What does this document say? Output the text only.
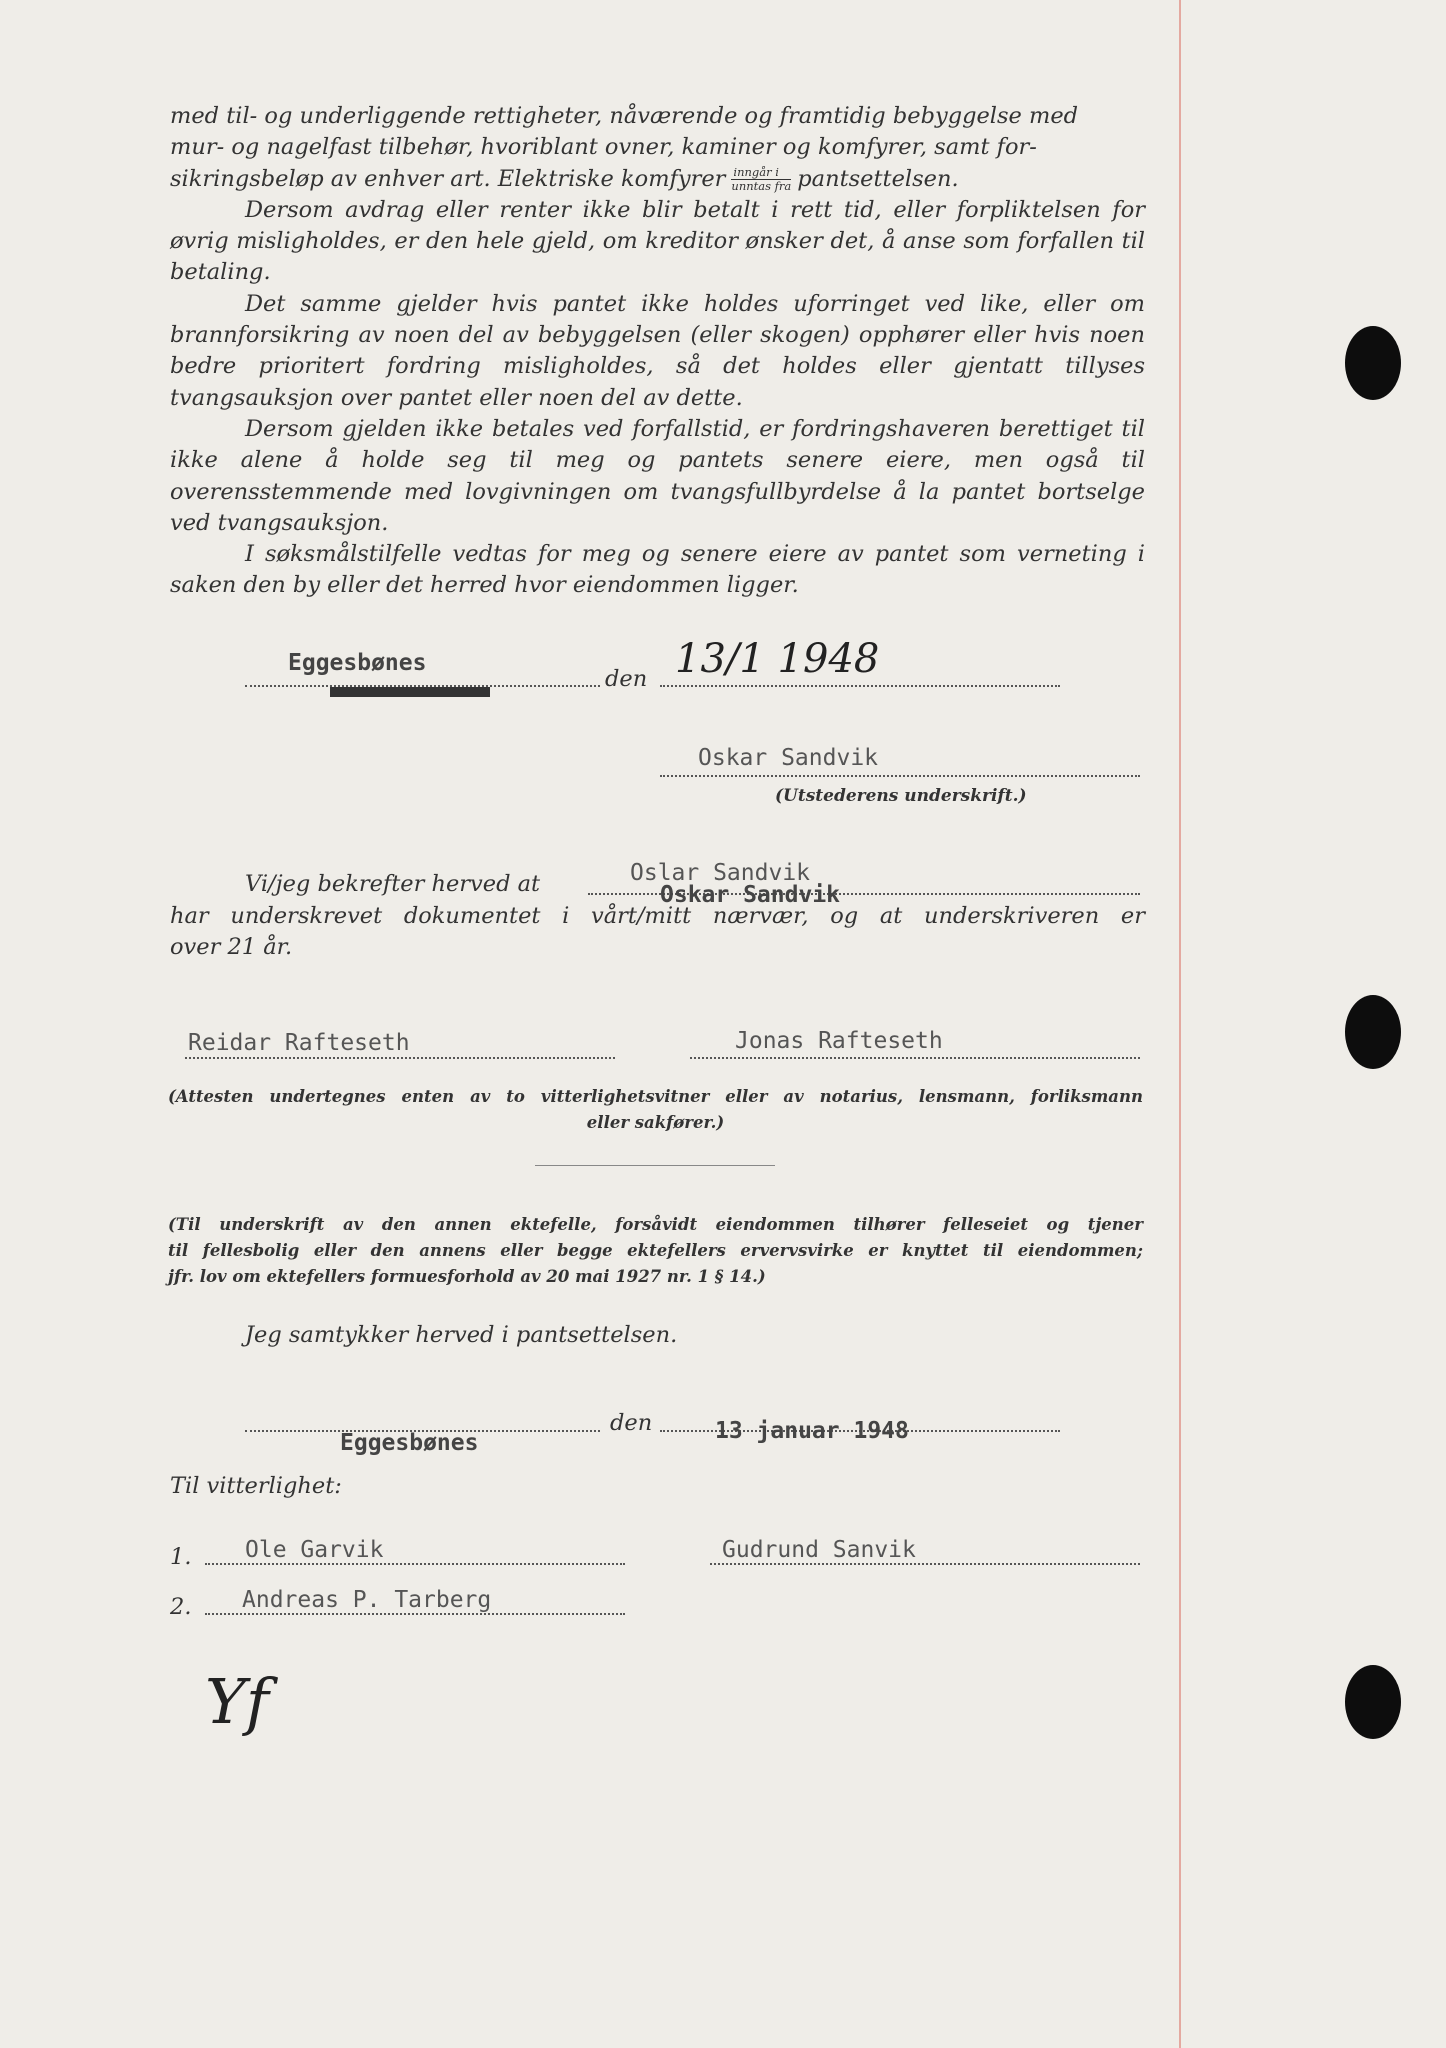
med til- og underliggende rettigheter, nåværende og framtidig bebyggelse med

mur- og nagelfast tilbehør, hvoriblant ovner, kaminer og komfyrer, samt for-

sikringsbeløp av enhver art. Elektriske komfyrer $\frac{\text{inngår i}}{\text{unntas fra}}$ pantsettelsen.

Dersom avdrag eller renter ikke blir betalt i rett tid, eller forpliktelsen for øvrig misligholdes, er den hele gjeld, om kreditor ønsker det, å anse som forfallen til betaling.

Det samme gjelder hvis pantet ikke holdes uforringet ved like, eller om brannforsikring av noen del av bebyggelsen (eller skogen) opphører eller hvis noen bedre prioritert fordring misligholdes, så det holdes eller gjentatt tillyses tvangsauksjon over pantet eller noen del av dette.

Dersom gjelden ikke betales ved forfallstid, er fordringshaveren berettiget til ikke alene å holde seg til meg og pantets senere eiere, men også til overensstemmende med lovgivningen om tvangsfullbyrdelse å la pantet bortselge ved tvangsauksjon.

I søksmålstilfelle vedtas for meg og senere eiere av pantet som verneting i saken den by eller det herred hvor eiendommen ligger.

Eggesbønes
den 13/1 1948
Oskar Sandvik
(Utstederens underskrift.)
Vi/jeg bekrefter herved at	Oslar Sandvik
Oskar Sandvik
har underskrevet dokumentet i vårt/mitt nærvær, og at underskriveren er
over 21 år.
Reidar Rafteseth	Jonas Rafteseth
(Attesten undertegnes enten av to vitterlighetsvitner eller av notarius, lensmann, forliksmann
eller sakfører.)
(Til underskrift av den annen ektefelle, forsåvidt eiendommen tilhører felleseiet og tjener
til fellesbolig eller den annens eller begge ektefellers ervervsvirke er knyttet til eiendommen;
jfr. lov om ektefellers formuesforhold av 20 mai 1927 nr. 1 § 14.)
Jeg samtykker herved i pantsettelsen.
den
Eggesbønes	13 januar 1948
Til vitterlighet:
1. Ole Garvik	Gudrund Sanvik
2. Andreas P. Tarberg
Yf
